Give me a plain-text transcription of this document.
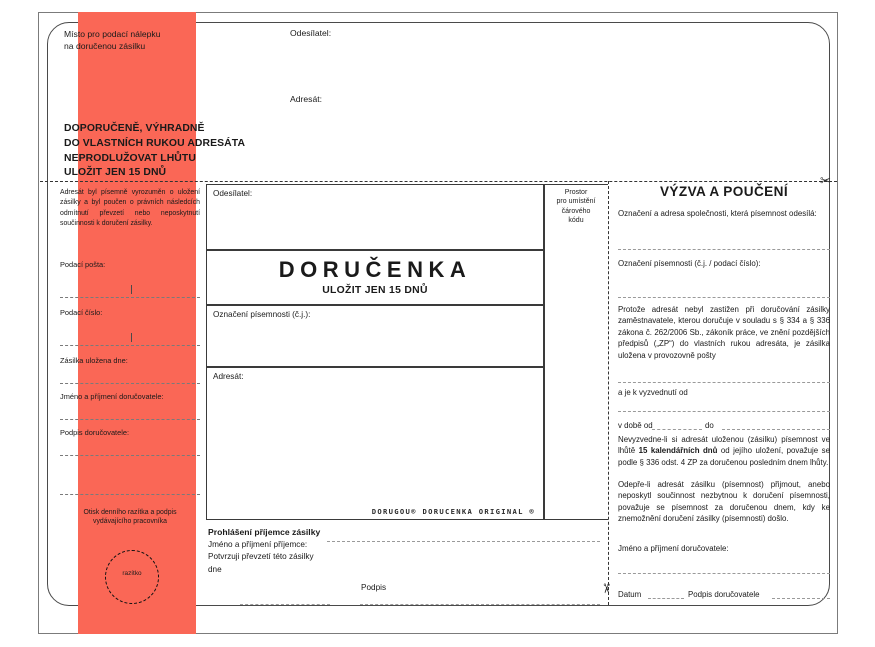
Místo pro podací nálepku
na doručenou zásilku
Odesílatel:
Adresát:
DOPORUČENĚ, VÝHRADNĚ
DO VLASTNÍCH RUKOU ADRESÁTA
NEPRODLUŽOVAT LHŮTU
ULOŽIT JEN 15 DNŮ
✂
✂
Adresát byl písemně vyrozuměn o uložení zásilky a byl poučen o právních následcích odmítnutí převzetí nebo neposkytnutí součinnosti k doručení zásilky.
Podací pošta:
Podací číslo:
Zásilka uložena dne:
Jméno a příjmení doručovatele:
Podpis doručovatele:
Otisk denního razítka a podpis
vydávajícího pracovníka
razítko
Odesílatel:
DORUČENKA
ULOŽIT JEN 15 DNŮ
Označení písemnosti (č.j.):
Adresát:
DORUGOU® DORUCENKA ORIGINAL ®
Prostor
pro umístění
čárového
kódu
Prohlášení příjemce zásilky
Jméno a příjmení příjemce:
Potvrzuji převzetí této zásilky
dne
Podpis
VÝZVA A POUČENÍ
Označení a adresa společnosti, která písemnost odesílá:
Označení písemnosti (č.j. / podací číslo):
Protože adresát nebyl zastižen při doručování zásilky zaměstnavatele, kterou doručuje v souladu s § 334 a § 336 zákona č. 262/2006 Sb., zákoník práce, ve znění pozdějších předpisů („ZP“) do vlastních rukou adresáta, je zásilka uložena v provozovně pošty
a je k vyzvednutí od
v době od	do
Nevyzvedne-li si adresát uloženou (zásilku) písemnost ve lhůtě 15 kalendářních dnů od jejího uložení, považuje se podle § 336 odst. 4 ZP za doručenou posledním dnem lhůty.
Odepře-li adresát zásilku (písemnost) přijmout, anebo neposkytl součinnost nezbytnou k doručení písemnosti, považuje se písemnost za doručenou dnem, kdy ke znemožnění doručení zásilky (písemnosti) došlo.
Jméno a příjmení doručovatele:
Datum	Podpis doručovatele
